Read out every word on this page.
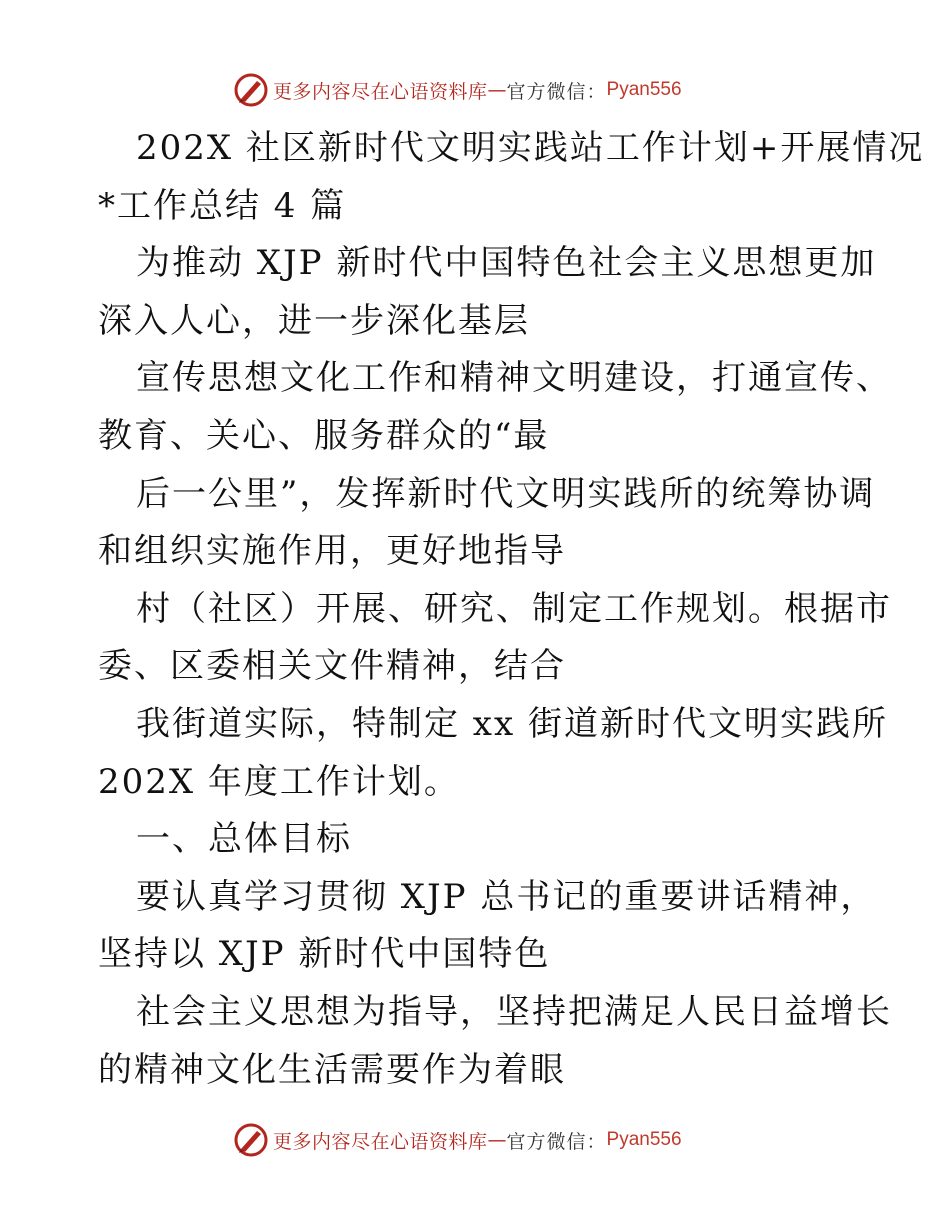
更多内容尽在心语资料库 — 官方微信： Pyan556
202X 社区新时代文明实践站工作计划+开展情况
*工作总结 4 篇
为推动 XJP 新时代中国特色社会主义思想更加
深入人心，进一步深化基层
宣传思想文化工作和精神文明建设，打通宣传、
教育、关心、服务群众的“最
后一公里”，发挥新时代文明实践所的统筹协调
和组织实施作用，更好地指导
村（社区）开展、研究、制定工作规划。根据市
委、区委相关文件精神，结合
我街道实际，特制定 xx 街道新时代文明实践所
202X 年度工作计划。
一、总体目标
要认真学习贯彻 XJP 总书记的重要讲话精神，
坚持以 XJP 新时代中国特色
社会主义思想为指导，坚持把满足人民日益增长
的精神文化生活需要作为着眼
更多内容尽在心语资料库 — 官方微信： Pyan556
